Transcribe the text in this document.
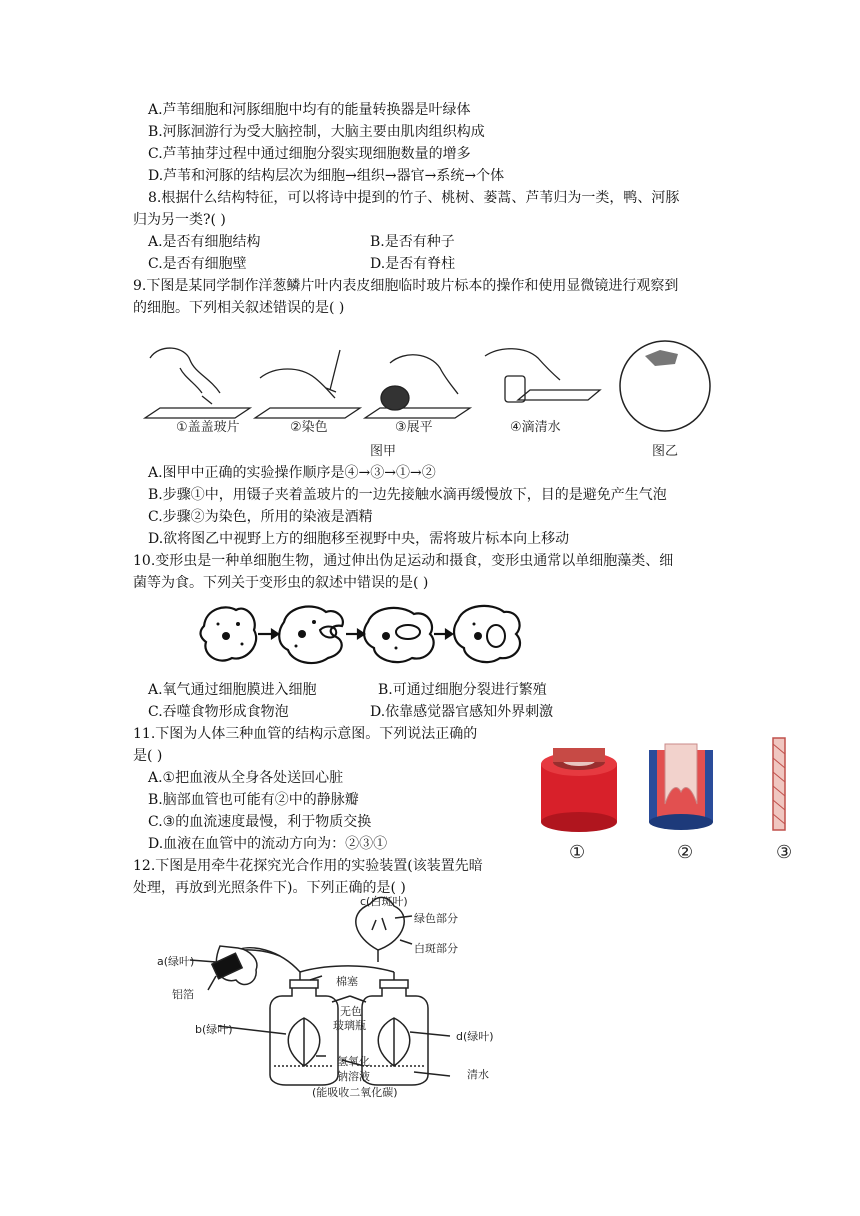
A.芦苇细胞和河豚细胞中均有的能量转换器是叶绿体
B.河豚洄游行为受大脑控制，大脑主要由肌肉组织构成
C.芦苇抽芽过程中通过细胞分裂实现细胞数量的增多
D.芦苇和河豚的结构层次为细胞→组织→器官→系统→个体
8.根据什么结构特征，可以将诗中提到的竹子、桃树、蒌蒿、芦苇归为一类，鸭、河豚
归为另一类?( )
A.是否有细胞结构	B.是否有种子
C.是否有细胞壁	D.是否有脊柱
9.下图是某同学制作洋葱鳞片叶内表皮细胞临时玻片标本的操作和使用显微镜进行观察到
的细胞。下列相关叙述错误的是( )
①盖盖玻片	②染色	③展平	④滴清水
图甲	图乙
A.图甲中正确的实验操作顺序是④→③→①→②
B.步骤①中，用镊子夹着盖玻片的一边先接触水滴再缓慢放下，目的是避免产生气泡
C.步骤②为染色，所用的染液是酒精
D.欲将图乙中视野上方的细胞移至视野中央，需将玻片标本向上移动
10.变形虫是一种单细胞生物，通过伸出伪足运动和摄食，变形虫通常以单细胞藻类、细
菌等为食。下列关于变形虫的叙述中错误的是( )
A.氧气通过细胞膜进入细胞	B.可通过细胞分裂进行繁殖
C.吞噬食物形成食物泡	D.依靠感觉器官感知外界刺激
11.下图为人体三种血管的结构示意图。下列说法正确的
是( )
A.①把血液从全身各处送回心脏
B.脑部血管也可能有②中的静脉瓣
C.③的血流速度最慢，利于物质交换
D.血液在血管中的流动方向为：②③①	①	②	③
12.下图是用牵牛花探究光合作用的实验装置(该装置先暗
处理，再放到光照条件下)。下列正确的是( )
c(白斑叶)
绿色部分
白斑部分
a(绿叶)
铝箔
棉塞
无色
玻璃瓶
b(绿叶)
d(绿叶)
氢氧化
钠溶液	清水
(能吸收二氧化碳)
